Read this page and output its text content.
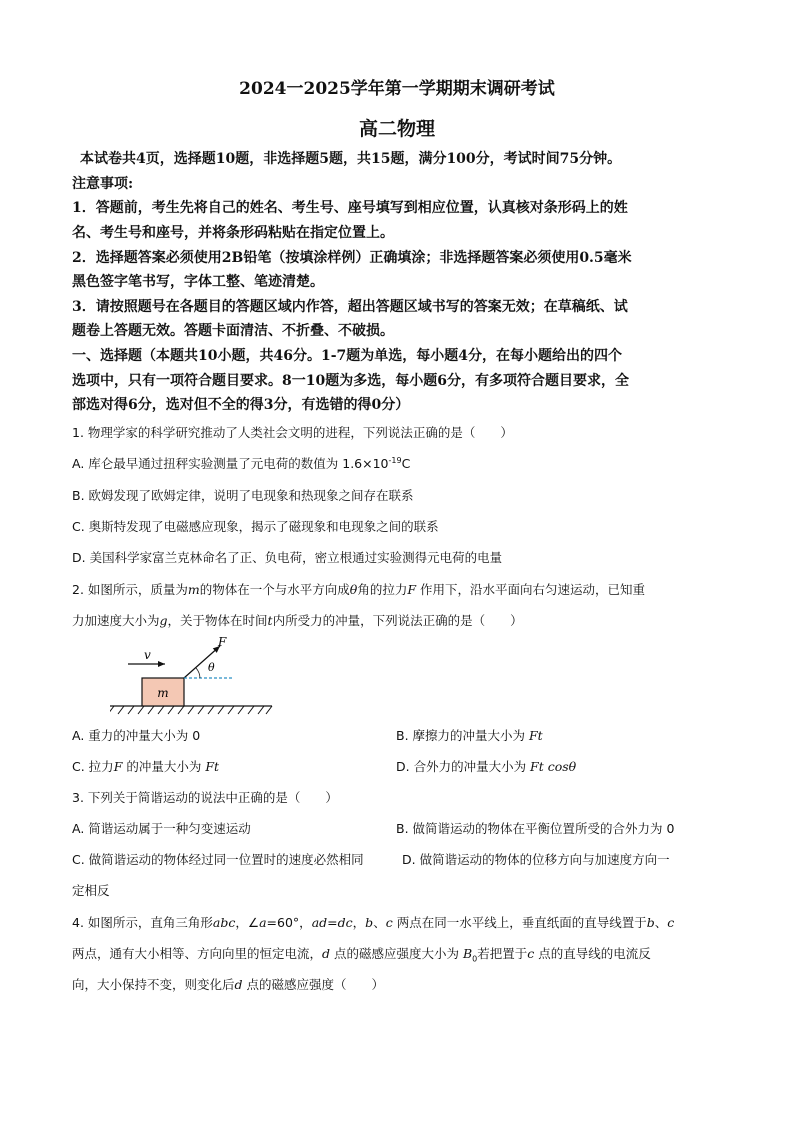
2024一2025学年第一学期期末调研考试
高二物理
本试卷共4页，选择题10题，非选择题5题，共15题，满分100分，考试时间75分钟。
注意事项:
1．答题前，考生先将自己的姓名、考生号、座号填写到相应位置，认真核对条形码上的姓
名、考生号和座号，并将条形码粘贴在指定位置上。
2．选择题答案必须使用2B铅笔（按填涂样例）正确填涂；非选择题答案必须使用0.5毫米
黑色签字笔书写，字体工整、笔迹清楚。
3．请按照题号在各题目的答题区域内作答，超出答题区域书写的答案无效；在草稿纸、试
题卷上答题无效。答题卡面清洁、不折叠、不破损。
一、选择题（本题共10小题，共46分。1-7题为单选，每小题4分，在每小题给出的四个
选项中，只有一项符合题目要求。8一10题为多选，每小题6分，有多项符合题目要求，全
部选对得6分，选对但不全的得3分，有选错的得0分）
1. 物理学家的科学研究推动了人类社会文明的进程，下列说法正确的是（　　）
A. 库仑最早通过扭秤实验测量了元电荷的数值为 $1.6\times 10^{-19}C$
B. 欧姆发现了欧姆定律，说明了电现象和热现象之间存在联系
C. 奥斯特发现了电磁感应现象，揭示了磁现象和电现象之间的联系
D. 美国科学家富兰克林命名了正、负电荷，密立根通过实验测得元电荷的电量
2. 如图所示，质量为m的物体在一个与水平方向成θ角的拉力F 作用下，沿水平面向右匀速运动，已知重
力加速度大小为g，关于物体在时间t内所受力的冲量，下列说法正确的是（　　）
m
v
F
θ
A. 重力的冲量大小为 0	B. 摩擦力的冲量大小为 Ft
C. 拉力F 的冲量大小为 Ft	D. 合外力的冲量大小为 Ft cosθ
3. 下列关于简谐运动的说法中正确的是（　　）
A. 简谐运动属于一种匀变速运动	B. 做简谐运动的物体在平衡位置所受的合外力为 0
C. 做简谐运动的物体经过同一位置时的速度必然相同	D. 做简谐运动的物体的位移方向与加速度方向一
定相反
4. 如图所示，直角三角形abc，∠a=60°，ad=dc，b、c 两点在同一水平线上，垂直纸面的直导线置于b、c
两点，通有大小相等、方向向里的恒定电流，d 点的磁感应强度大小为 $B_0$若把置于c 点的直导线的电流反
向，大小保持不变，则变化后d 点的磁感应强度（　　）
